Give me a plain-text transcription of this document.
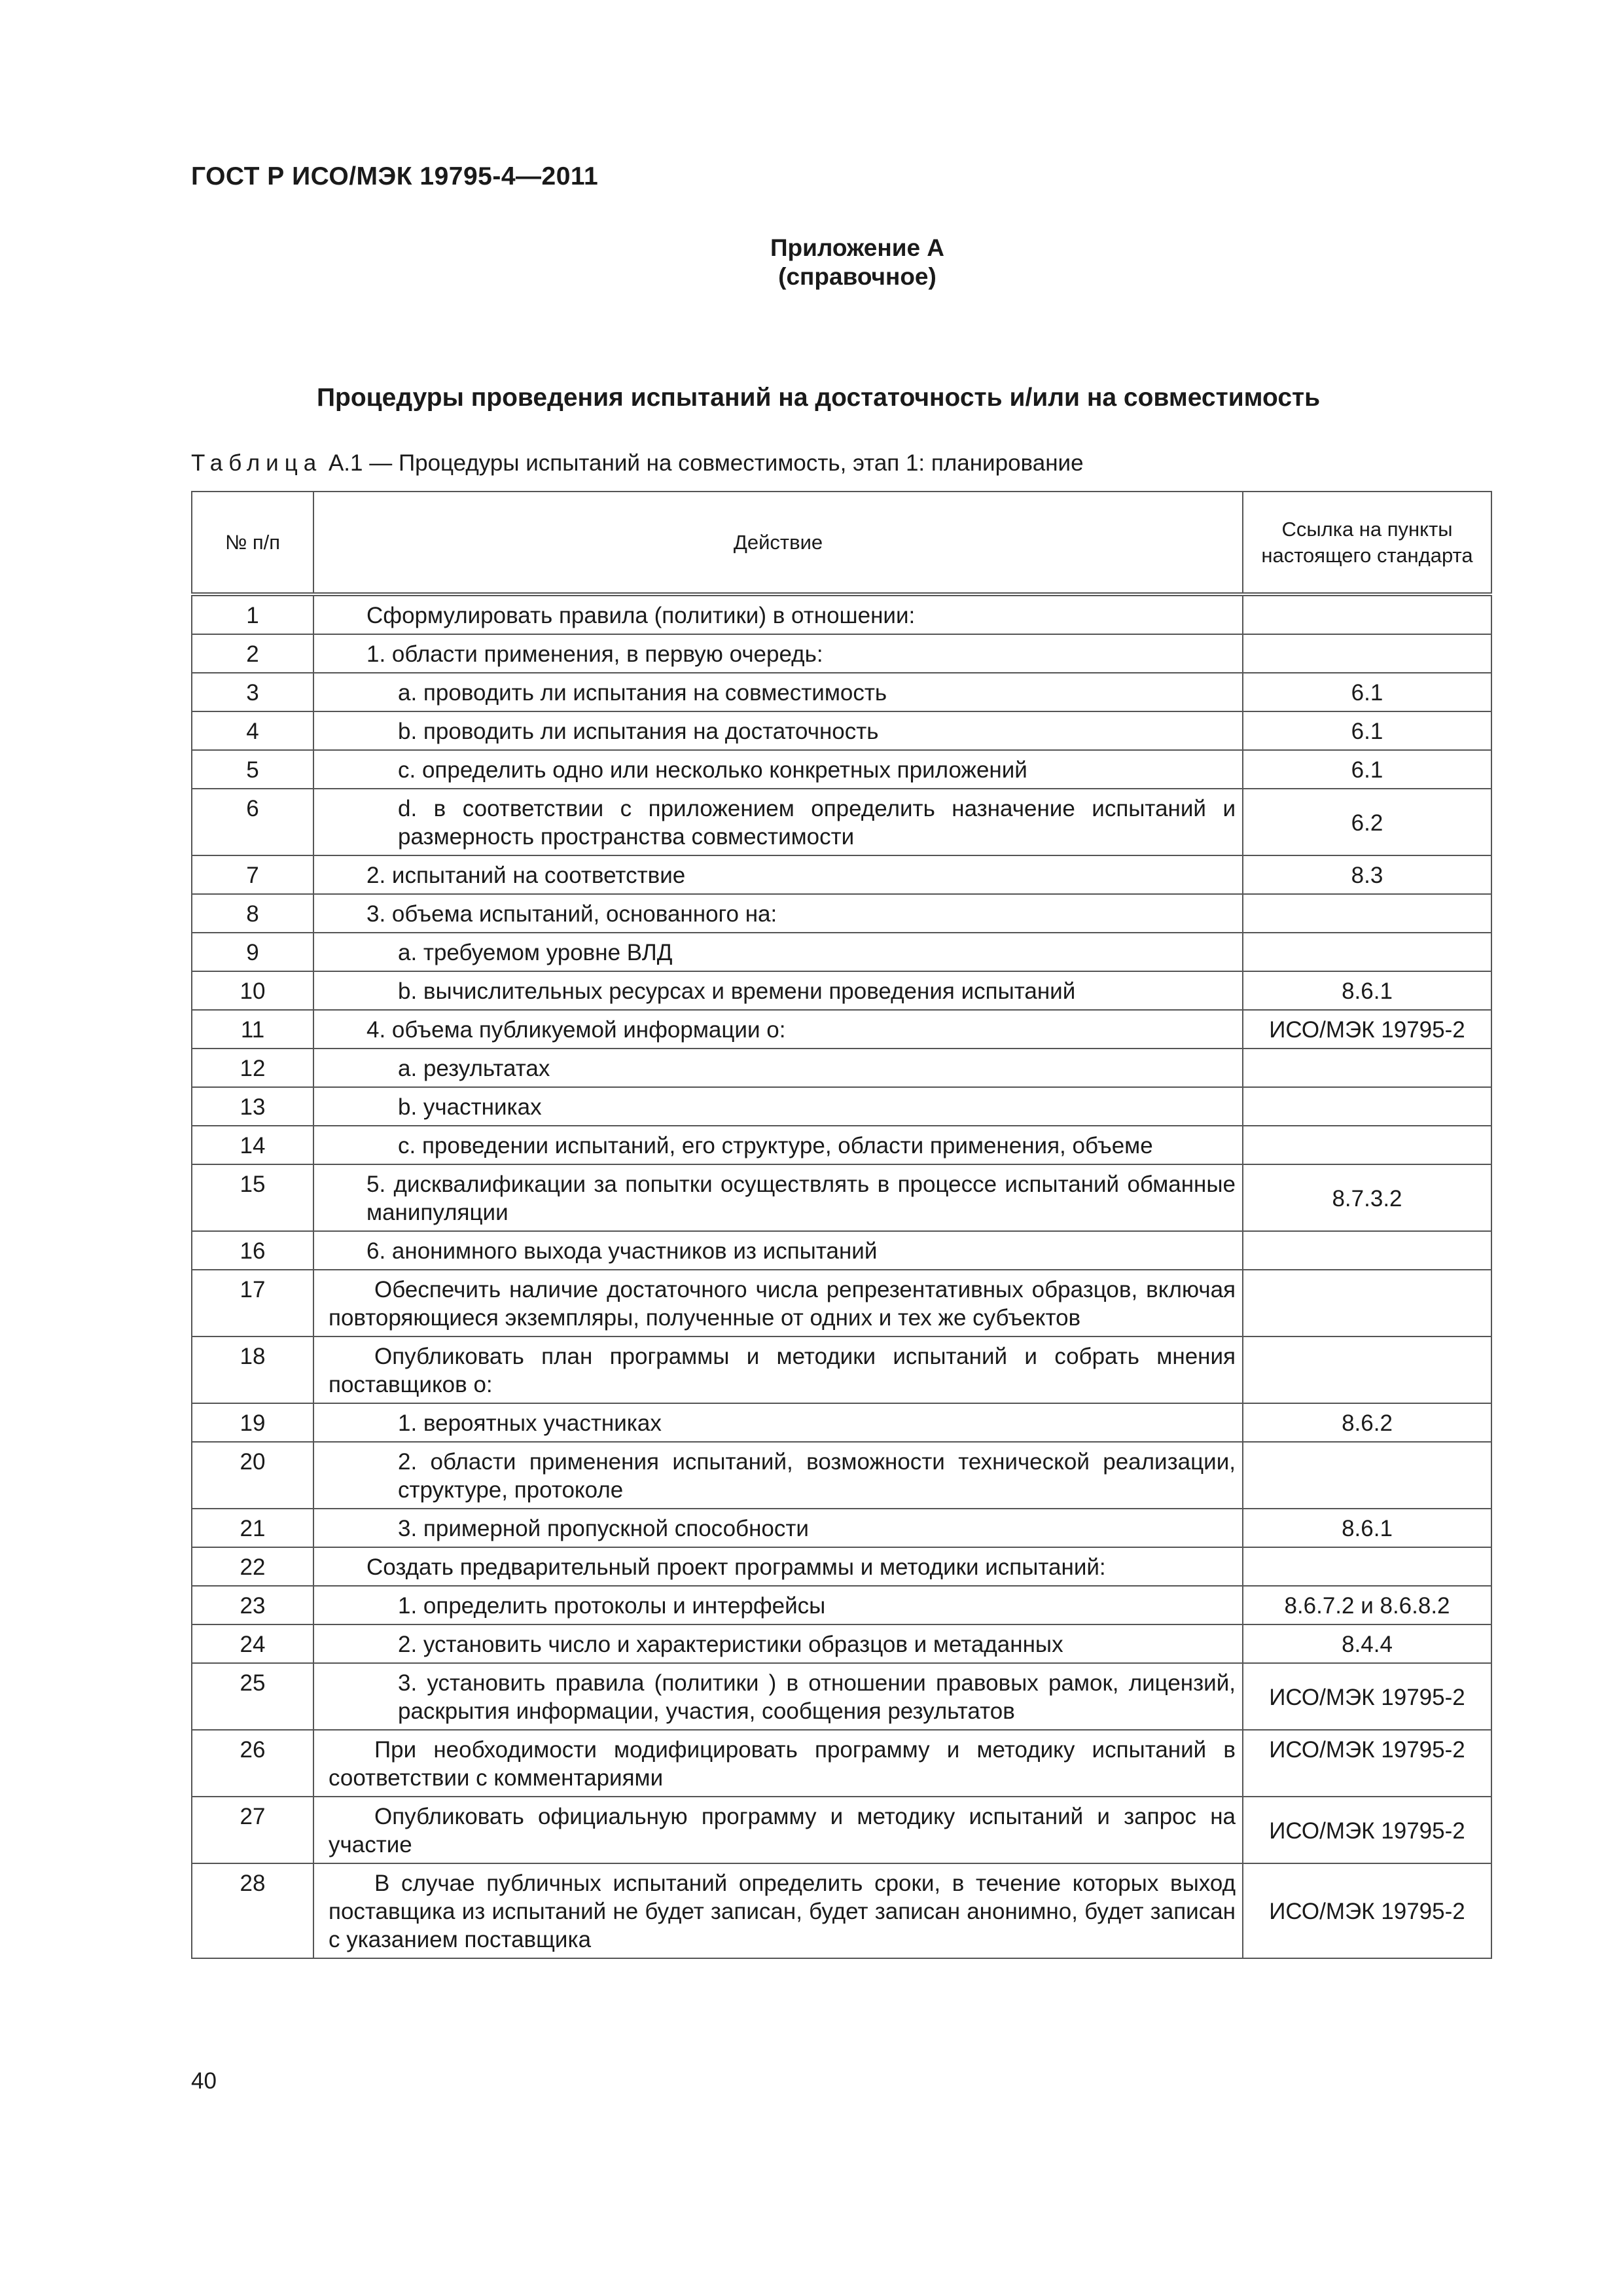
ГОСТ Р ИСО/МЭК 19795-4—2011
Приложение А
(справочное)
Процедуры проведения испытаний на достаточность и/или на совместимость
Таблица А.1 — Процедуры испытаний на совместимость, этап 1: планирование
№ п/п	Действие	Ссылка на пункты настоящего стандарта
1	Сформулировать правила (политики) в отношении:	
2	1. области применения, в первую очередь:	
3	a. проводить ли испытания на совместимость	6.1
4	b. проводить ли испытания на достаточность	6.1
5	c. определить одно или несколько конкретных приложений	6.1
6	d. в соответствии с приложением определить назначение испытаний и размерность пространства совместимости	6.2
7	2. испытаний на соответствие	8.3
8	3. объема испытаний, основанного на:	
9	a. требуемом уровне ВЛД	
10	b. вычислительных ресурсах и времени проведения испытаний	8.6.1
11	4. объема публикуемой информации о:	ИСО/МЭК 19795-2
12	a. результатах	
13	b. участниках	
14	c. проведении испытаний, его структуре, области применения, объеме	
15	5. дисквалификации за попытки осуществлять в процессе испытаний обманные манипуляции	8.7.3.2
16	6. анонимного выхода участников из испытаний	
17	Обеспечить наличие достаточного числа репрезентативных образцов, включая повторяющиеся экземпляры, полученные от одних и тех же субъектов	
18	Опубликовать план программы и методики испытаний и собрать мнения поставщиков о:	
19	1. вероятных участниках	8.6.2
20	2. области применения испытаний, возможности технической реализации, структуре, протоколе	
21	3. примерной пропускной способности	8.6.1
22	Создать предварительный проект программы и методики испытаний:	
23	1. определить протоколы и интерфейсы	8.6.7.2 и 8.6.8.2
24	2. установить число и характеристики образцов и метаданных	8.4.4
25	3. установить правила (политики ) в отношении правовых рамок, лицензий, раскрытия информации, участия, сообщения результатов	ИСО/МЭК 19795-2
26	При необходимости модифицировать программу и методику испытаний в соответствии с комментариями	ИСО/МЭК 19795-2
27	Опубликовать официальную программу и методику испытаний и запрос на участие	ИСО/МЭК 19795-2
28	В случае публичных испытаний определить сроки, в течение которых выход поставщика из испытаний не будет записан, будет записан анонимно, будет записан с указанием поставщика	ИСО/МЭК 19795-2
40
